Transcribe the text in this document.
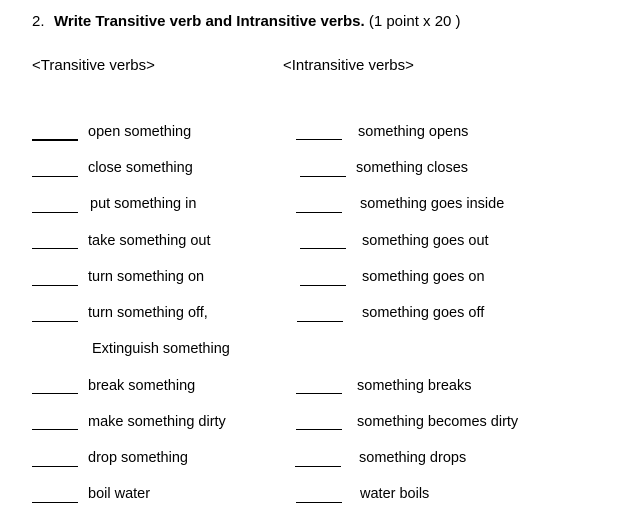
2. Write Transitive verb and Intransitive verbs. (1 point x 20 )
<Transitive verbs>	<Intransitive verbs>
open something
close something
put something in
take something out
turn something on
turn something off,
Extinguish something
break something
make something dirty
drop something
boil water
something opens
something closes
something goes inside
something goes out
something goes on
something goes off
something breaks
something becomes dirty
something drops
water boils
